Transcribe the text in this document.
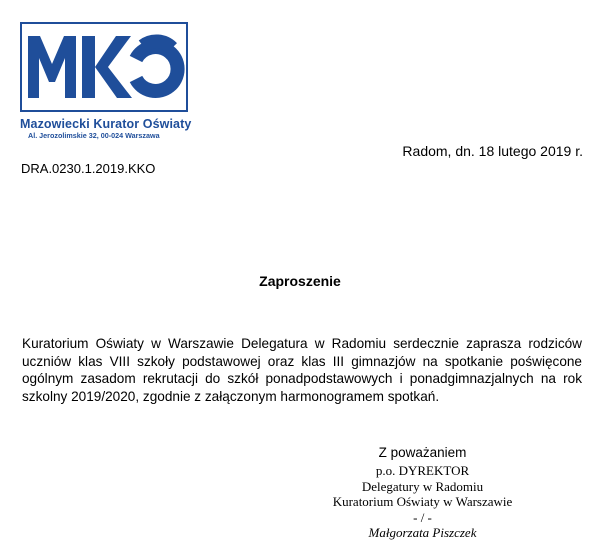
Mazowiecki Kurator Oświaty
Al. Jerozolimskie 32, 00-024 Warszawa
Radom, dn. 18 lutego 2019 r.
DRA.0230.1.2019.KKO
Zaproszenie
Kuratorium Oświaty w Warszawie Delegatura w Radomiu serdecznie zaprasza rodziców uczniów klas VIII szkoły podstawowej oraz klas III gimnazjów na spotkanie poświęcone ogólnym zasadom rekrutacji do szkół ponadpodstawowych i ponadgimnazjalnych na rok szkolny 2019/2020, zgodnie z załączonym harmonogramem spotkań.
Z poważaniem
p.o. DYREKTOR
Delegatury w Radomiu
Kuratorium Oświaty w Warszawie
- / -
Małgorzata Piszczek
